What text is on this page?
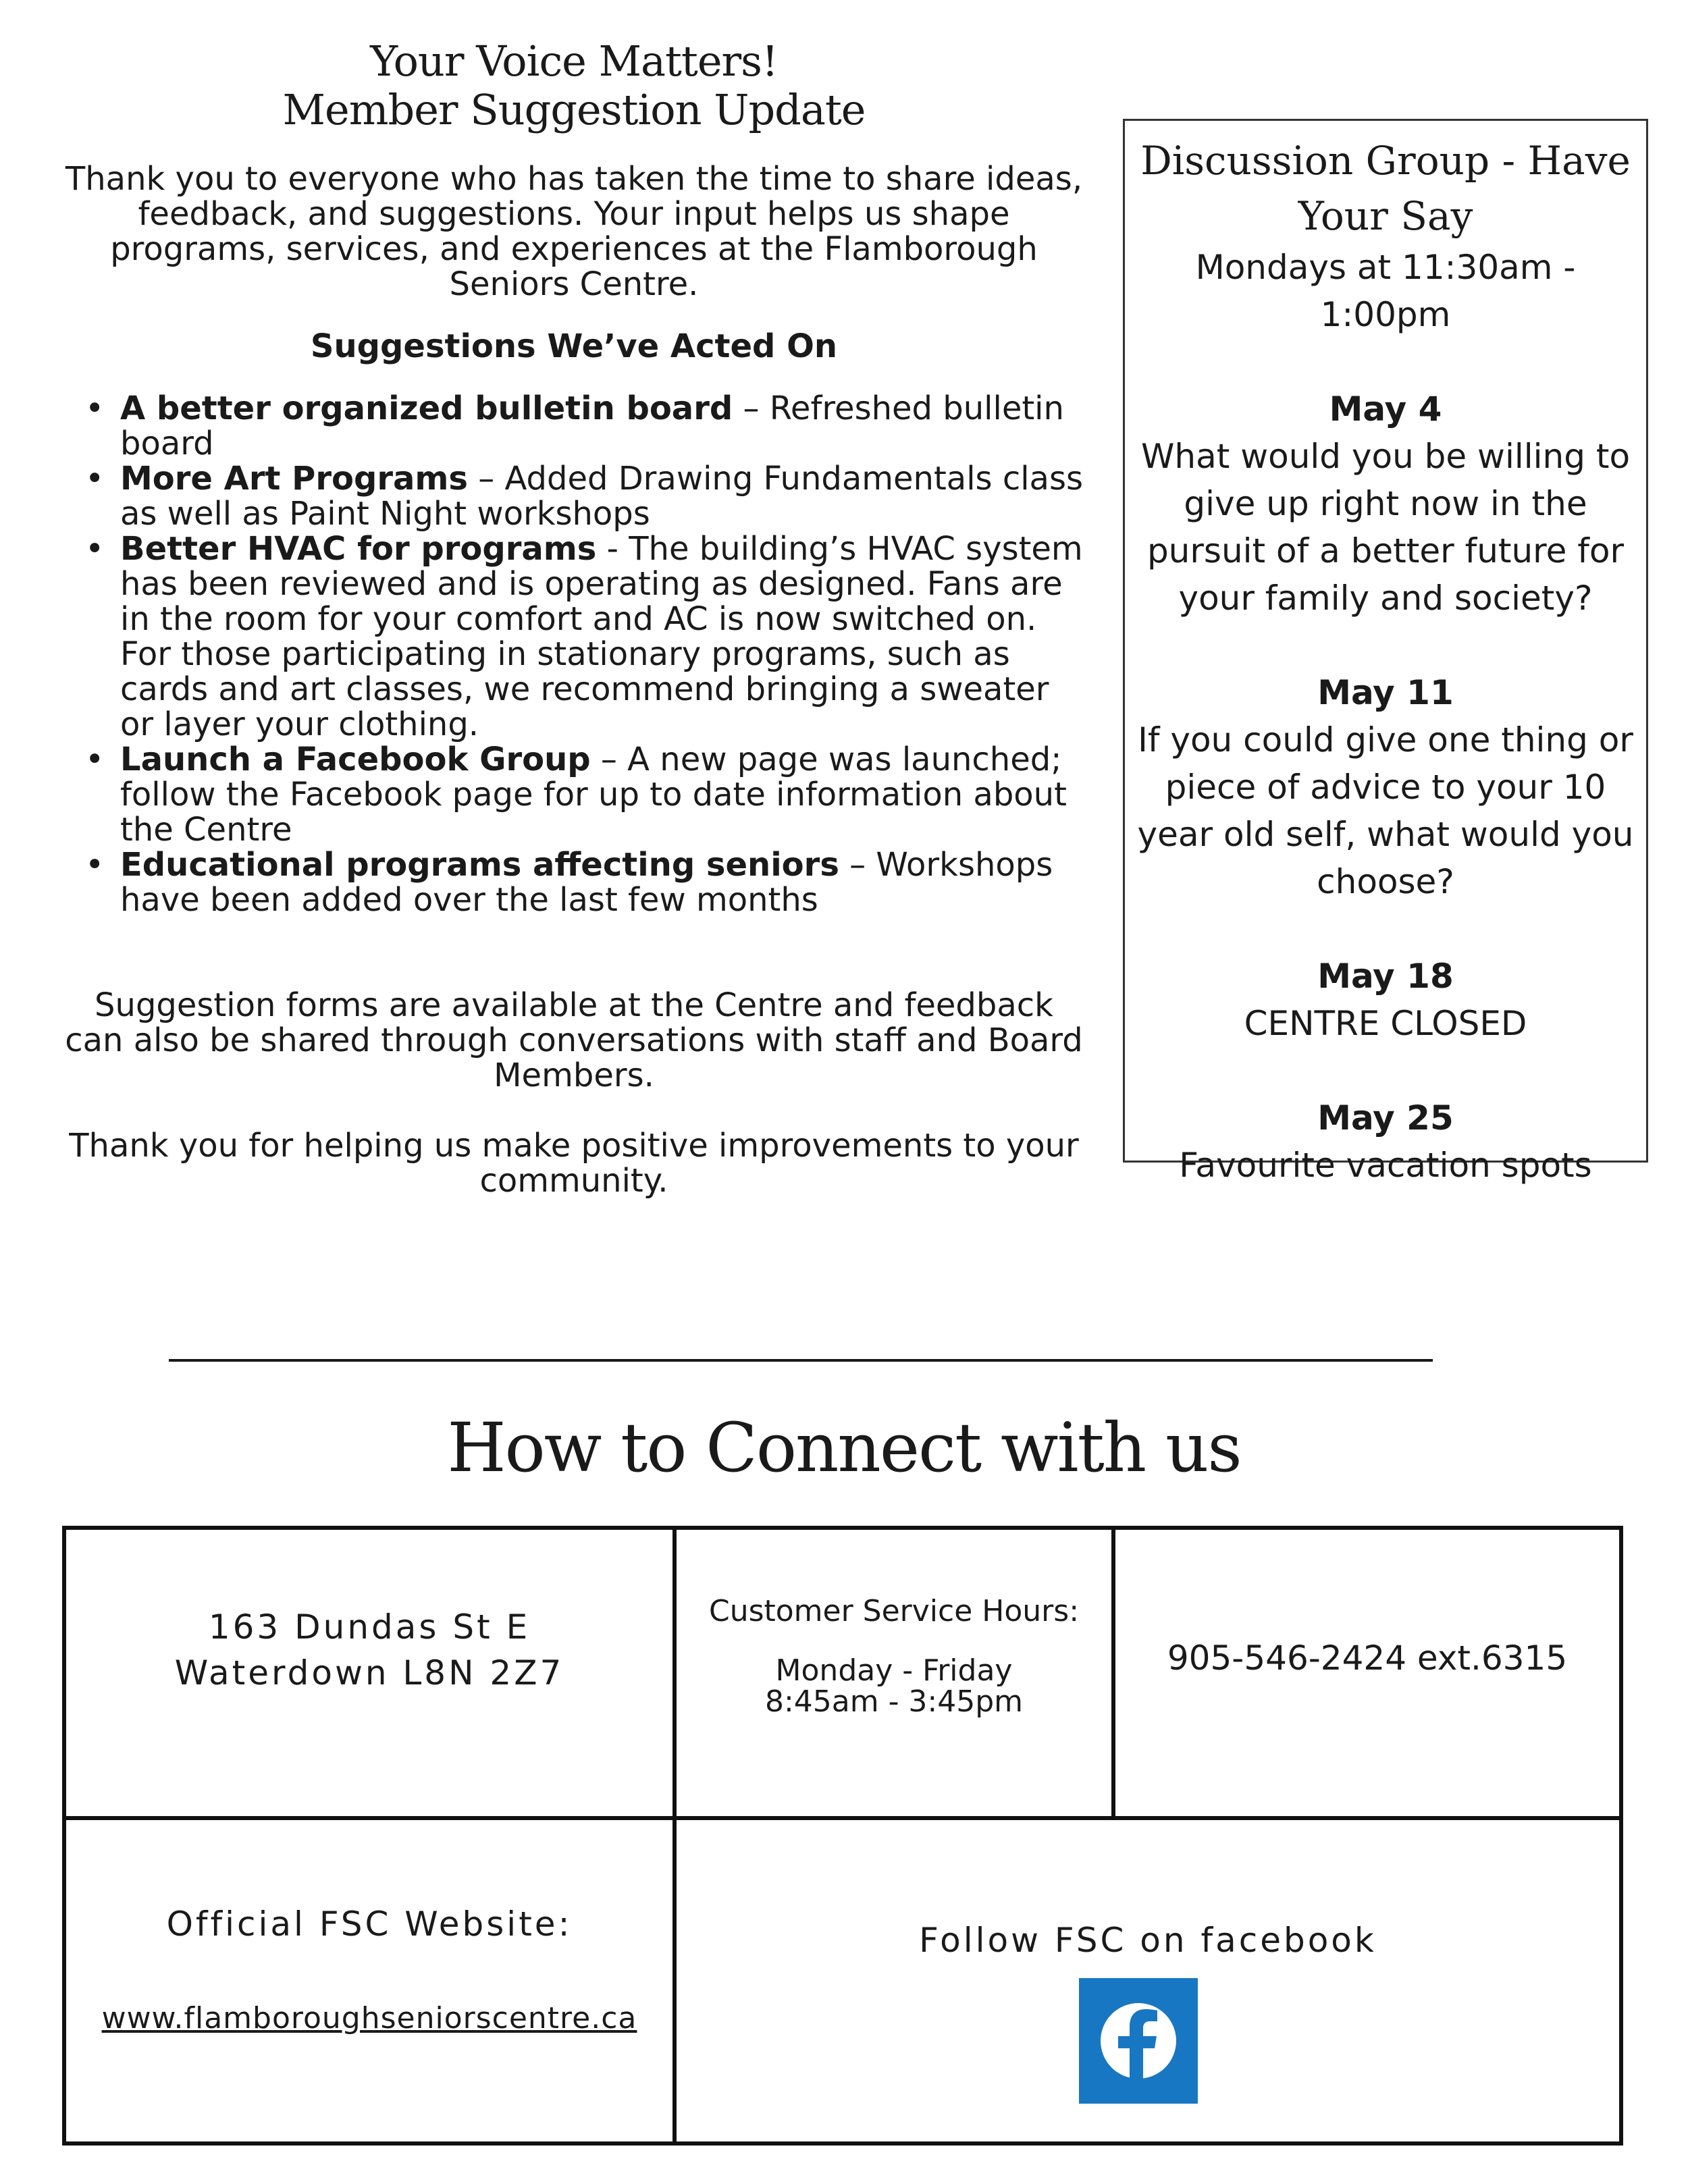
Your Voice Matters!
Member Suggestion Update

Thank you to everyone who has taken the time to share ideas, feedback, and suggestions. Your input helps us shape programs, services, and experiences at the Flamborough Seniors Centre.

Suggestions We’ve Acted On

• A better organized bulletin board – Refreshed bulletin board
• More Art Programs – Added Drawing Fundamentals class as well as Paint Night workshops
• Better HVAC for programs - The building’s HVAC system has been reviewed and is operating as designed. Fans are in the room for your comfort and AC is now switched on. For those participating in stationary programs, such as cards and art classes, we recommend bringing a sweater or layer your clothing.
• Launch a Facebook Group – A new page was launched; follow the Facebook page for up to date information about the Centre
• Educational programs affecting seniors – Workshops have been added over the last few months

Suggestion forms are available at the Centre and feedback can also be shared through conversations with staff and Board Members.

Thank you for helping us make positive improvements to your community.

Discussion Group - Have Your Say

Mondays at 11:30am - 1:00pm

May 4

What would you be willing to give up right now in the pursuit of a better future for your family and society?

May 11

If you could give one thing or piece of advice to your 10 year old self, what would you choose?

May 18

CENTRE CLOSED

May 25

Favourite vacation spots

How to Connect with us
163 Dundas St E
Waterdown L8N 2Z7
Customer Service Hours:
Monday - Friday
8:45am - 3:45pm
905-546-2424 ext.6315
Official FSC Website:
www.flamboroughseniorscentre.ca
Follow FSC on facebook
